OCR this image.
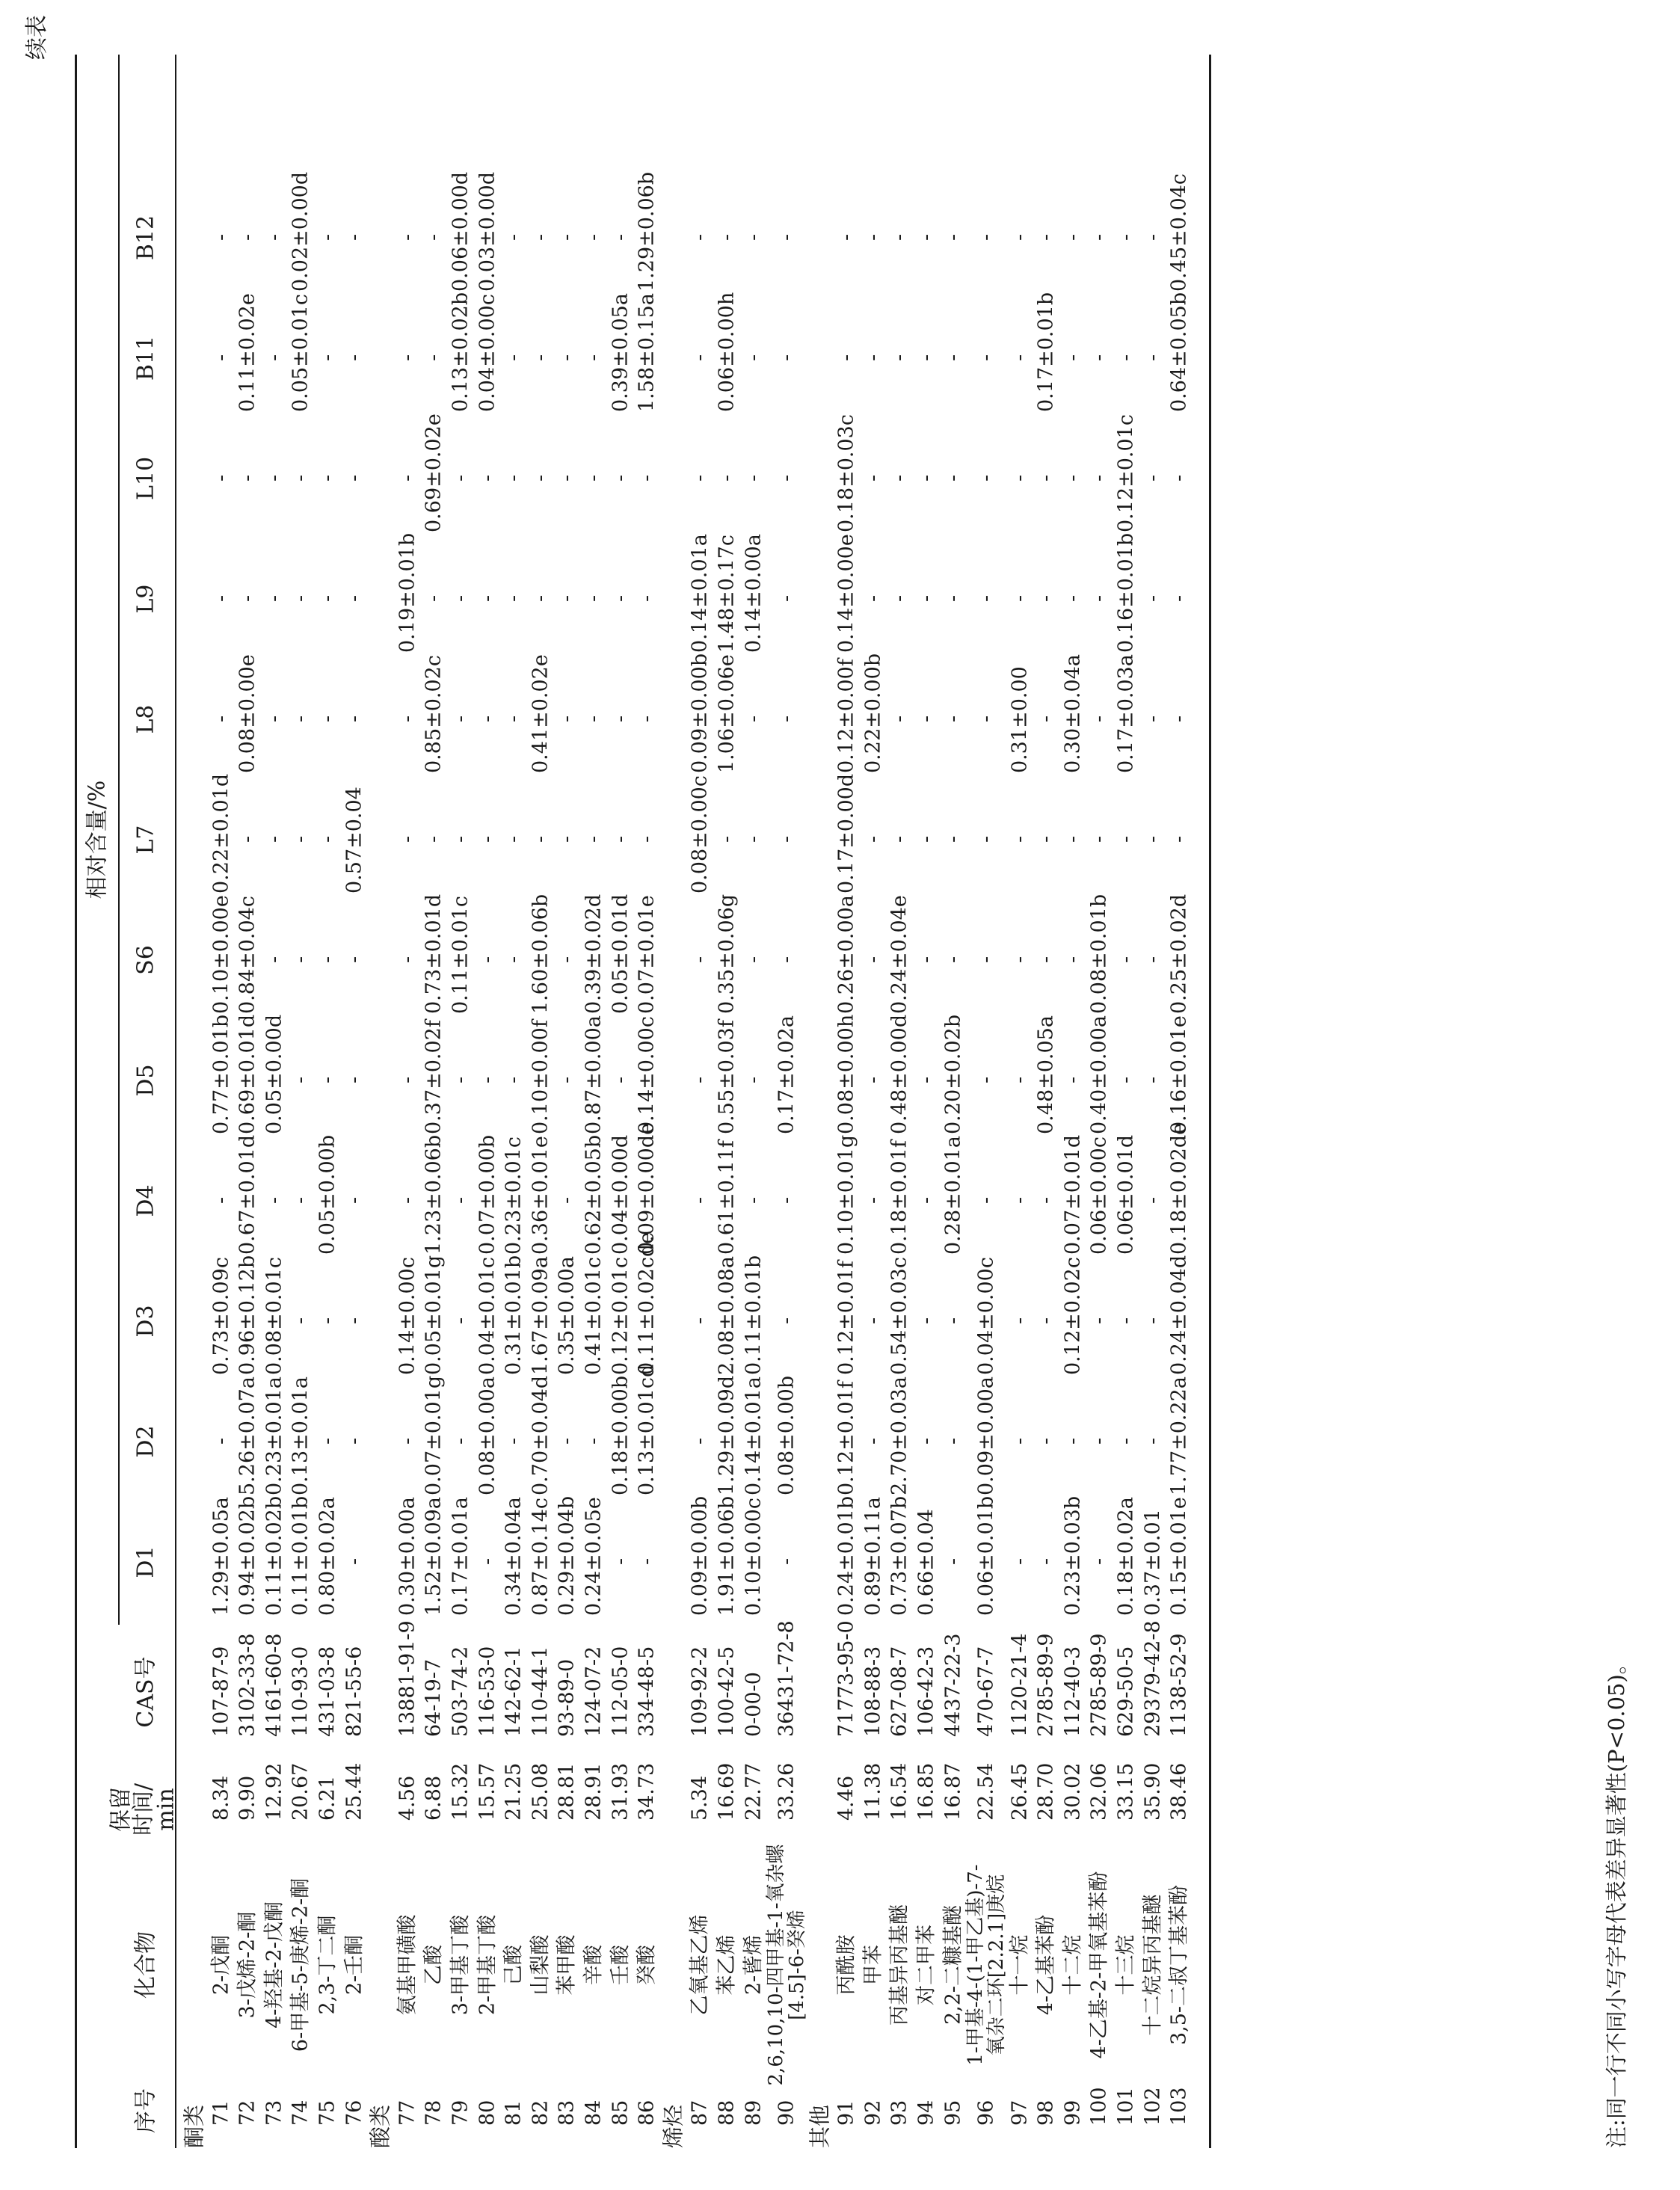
续表
序号
化合物
保留
时间/
min
CAS号
相对含量/%
D1
D2
D3
D4
D5
S6
L7
L8
L9
L10
B11
B12
酮类 71
2-戊酮
8.34
107-87-9
1.29±0.05a
-
0.73±0.09c
-
0.77±0.01b
0.10±0.00e
0.22±0.01d
-
-
-
-
-
72
3-戊烯-2-酮
9.90
3102-33-8
0.94±0.02b
5.26±0.07a
0.96±0.12b
0.67±0.01d
0.69±0.01d
0.84±0.04c
-
0.08±0.00e
-
-
0.11±0.02e
-
73
4-羟基-2-戊酮
12.92
4161-60-8
0.11±0.02b
0.23±0.01a
0.08±0.01c
-
0.05±0.00d
-
-
-
-
-
-
-
74
6-甲基-5-庚烯-2-酮
20.67
110-93-0
0.11±0.01b
0.13±0.01a
-
-
-
-
-
-
-
-
0.05±0.01c
0.02±0.00d
75
2,3-丁二酮
6.21
431-03-8
0.80±0.02a
-
-
0.05±0.00b
-
-
-
-
-
-
-
-
76
2-壬酮
25.44
821-55-6
-
-
-
-
-
-
0.57±0.04
-
-
-
-
-
酸类 77
氨基甲磺酸
4.56
13881-91-9
0.30±0.00a
-
0.14±0.00c
-
-
-
-
-
0.19±0.01b
-
-
-
78
乙酸
6.88
64-19-7
1.52±0.09a
0.07±0.01g
0.05±0.01g
1.23±0.06b
0.37±0.02f
0.73±0.01d
-
0.85±0.02c
-
0.69±0.02e
-
-
79
3-甲基丁酸
15.32
503-74-2
0.17±0.01a
-
-
-
-
0.11±0.01c
-
-
-
-
0.13±0.02b
0.06±0.00d
80
2-甲基丁酸
15.57
116-53-0
-
0.08±0.00a
0.04±0.01c
0.07±0.00b
-
-
-
-
-
-
0.04±0.00c
0.03±0.00d
81
己酸
21.25
142-62-1
0.34±0.04a
-
0.31±0.01b
0.23±0.01c
-
-
-
-
-
-
-
-
82
山梨酸
25.08
110-44-1
0.87±0.14c
0.70±0.04d
1.67±0.09a
0.36±0.01e
0.10±0.00f
1.60±0.06b
-
0.41±0.02e
-
-
-
-
83
苯甲酸
28.81
93-89-0
0.29±0.04b
-
0.35±0.00a
-
-
-
-
-
-
-
-
-
84
辛酸
28.91
124-07-2
0.24±0.05e
-
0.41±0.01c
0.62±0.05b
0.87±0.00a
0.39±0.02d
-
-
-
-
-
-
85
壬酸
31.93
112-05-0
-
0.18±0.00b
0.12±0.01c
0.04±0.00d
-
0.05±0.01d
-
-
-
-
0.39±0.05a
-
86
癸酸
34.73
334-48-5
-
0.13±0.01cd
0.11±0.02cde
0.09±0.00de
0.14±0.00c
0.07±0.01e
-
-
-
-
1.58±0.15a
1.29±0.06b
烯烃 87
乙氧基乙烯
5.34
109-92-2
0.09±0.00b
-
-
-
-
-
0.08±0.00c
0.09±0.00b
0.14±0.01a
-
-
-
88
苯乙烯
16.69
100-42-5
1.91±0.06b
1.29±0.09d
2.08±0.08a
0.61±0.11f
0.55±0.03f
0.35±0.06g
-
1.06±0.06e
1.48±0.17c
-
0.06±0.00h
-
89
2-蒈烯
22.77
0-00-0
0.10±0.00c
0.14±0.01a
0.11±0.01b
-
-
-
-
-
0.14±0.00a
-
-
-
90
2,6,10,10-四甲基-1-氧杂螺
[4.5]-6-癸烯
33.26
36431-72-8
-
0.08±0.00b
-
-
0.17±0.02a
-
-
-
-
-
-
-
其他 91
丙酰胺
4.46
71773-95-0
0.24±0.01b
0.12±0.01f
0.12±0.01f
0.10±0.01g
0.08±0.00h
0.26±0.00a
0.17±0.00d
0.12±0.00f
0.14±0.00e
0.18±0.03c
-
-
92
甲苯
11.38
108-88-3
0.89±0.11a
-
-
-
-
-
-
0.22±0.00b
-
-
-
-
93
丙基异丙基醚
16.54
627-08-7
0.73±0.07b
2.70±0.03a
0.54±0.03c
0.18±0.01f
0.48±0.00d
0.24±0.04e
-
-
-
-
-
-
94
对二甲苯
16.85
106-42-3
0.66±0.04
-
-
-
-
-
-
-
-
-
-
-
95
2,2-二糠基醚
16.87
4437-22-3
-
-
-
0.28±0.01a
0.20±0.02b
-
-
-
-
-
-
-
96
1-甲基-4-(1-甲乙基)-7-
氧杂二环[2.2.1]庚烷
22.54
470-67-7
0.06±0.01b
0.09±0.00a
0.04±0.00c
-
-
-
-
-
-
-
-
-
97
十一烷
26.45
1120-21-4
-
-
-
-
-
-
-
0.31±0.00
-
-
-
-
98
4-乙基苯酚
28.70
2785-89-9
-
-
-
-
0.48±0.05a
-
-
-
-
-
0.17±0.01b
-
99
十二烷
30.02
112-40-3
0.23±0.03b
-
0.12±0.02c
0.07±0.01d
-
-
-
0.30±0.04a
-
-
-
-
100
4-乙基-2-甲氧基苯酚
32.06
2785-89-9
-
-
-
0.06±0.00c
0.40±0.00a
0.08±0.01b
-
-
-
-
-
-
101
十三烷
33.15
629-50-5
0.18±0.02a
-
-
0.06±0.01d
-
-
-
0.17±0.03a
0.16±0.01b
0.12±0.01c
-
-
102
十二烷异丙基醚
35.90
29379-42-8
0.37±0.01
-
-
-
-
-
-
-
-
-
-
-
103
3,5-二叔丁基苯酚
38.46
1138-52-9
0.15±0.01e
1.77±0.22a
0.24±0.04d
0.18±0.02de
0.16±0.01e
0.25±0.02d
-
-
-
-
0.64±0.05b
0.45±0.04c
注:同一行不同小写字母代表差异显著性(P<0.05)。
